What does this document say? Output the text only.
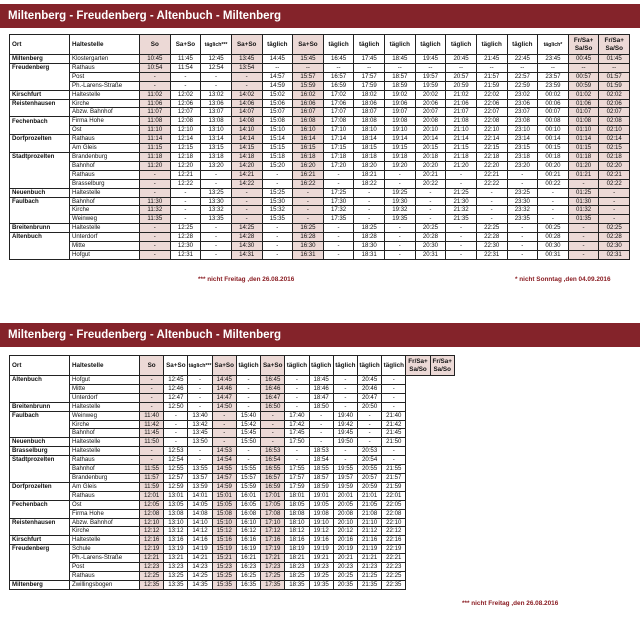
Miltenberg - Freudenberg - Altenbuch - Miltenberg
Ort	Haltestelle	So	Sa+So	täglich***	Sa+So	täglich	Sa+So	täglich	täglich	täglich	täglich	täglich	täglich	täglich	täglich*	Fr/Sa+ Sa/So	Fr/Sa+ Sa/So	
Miltenberg	Klostergarten	10:45	11:45	12:45	13:45	14:45	15:45	16:45	17:45	18:45	19:45	20:45	21:45	22:45	23:45	00:45	01:45	
Freudenberg	Rathaus	10:54	11:54	12:54	13:54	--	--	--	--	--	--	--	--	--	--	--	--	
	Post	-	-	-	-	14:57	15:57	16:57	17:57	18:57	19:57	20:57	21:57	22:57	23:57	00:57	01:57	
	Ph.-Larens-Straße	-	-	-	-	14:59	15:59	16:59	17:59	18:59	19:59	20:59	21:59	22:59	23:59	00:59	01:59	
Kirschfurt	Haltestelle	11:02	12:02	13:02	14:02	15:02	16:02	17:02	18:02	19:02	20:02	21:02	22:02	23:02	00:02	01:02	02:02	
Reistenhausen	Kirche	11:06	12:06	13:06	14:06	15:06	16:06	17:06	18:06	19:06	20:06	21:06	22:06	23:06	00:06	01:06	02:06	
	Abzw. Bahnhof	11:07	12:07	13:07	14:07	15:07	16:07	17:07	18:07	19:07	20:07	21:07	22:07	23:07	00:07	01:07	02:07	
Fechenbach	Firma Hohe	11:08	12:08	13:08	14:08	15:08	16:08	17:08	18:08	19:08	20:08	21:08	22:08	23:08	00:08	01:08	02:08	
	Ost	11:10	12:10	13:10	14:10	15:10	16:10	17:10	18:10	19:10	20:10	21:10	22:10	23:10	00:10	01:10	02:10	
Dorfprozelten	Rathaus	11:14	12:14	13:14	14:14	15:14	16:14	17:14	18:14	19:14	20:14	21:14	22:14	23:14	00:14	01:14	02:14	
	Am Gleis	11:15	12:15	13:15	14:15	15:15	16:15	17:15	18:15	19:15	20:15	21:15	22:15	23:15	00:15	01:15	02:15	
Stadtprozelten	Brandenburg	11:18	12:18	13:18	14:18	15:18	16:18	17:18	18:18	19:18	20:18	21:18	22:18	23:18	00:18	01:18	02:18	
	Bahnhof	11:20	12:20	13:20	14:20	15:20	16:20	17:20	18:20	19:20	20:20	21:20	22:20	23:20	00:20	01:20	02:20	
	Rathaus	-	12:21	-	14:21	-	16:21	-	18:21	-	20:21	-	22:21	-	00:21	01:21	02:21	
	Brasselburg	-	12:22	-	14:22	-	16:22	-	18:22	-	20:22	-	22:22	-	00:22	-	02:22	
Neuenbuch	Haltestelle	-	-	13:25	-	15:25	-	17:25	-	19:25	-	21:25	-	23:25	-	01:25	-	
Faulbach	Bahnhof	11:30	-	13:30	-	15:30	-	17:30	-	19:30	-	21:30	-	23:30	-	01:30	-	
	Kirche	11:32	-	13:32	-	15:32	-	17:32	-	19:32	-	21:32	-	23:32	-	01:32	-	
	Weinweg	11:35	-	13:35	-	15:35	-	17:35	-	19:35	-	21:35	-	23:35	-	01:35	-	
Breitenbrunn	Haltestelle	-	12:25	-	14:25	-	16:25	-	18:25	-	20:25	-	22:25	-	00:25	-	02:25	
Altenbuch	Unterdorf	-	12:28	-	14:28	-	16:28	-	18:28	-	20:28	-	22:28	-	00:28	-	02:28	
	Mitte	-	12:30	-	14:30	-	16:30	-	18:30	-	20:30	-	22:30	-	00:30	-	02:30	
	Hofgut	-	12:31	-	14:31	-	16:31	-	18:31	-	20:31	-	22:31	-	00:31	-	02:31	
*** nicht Freitag ,den 26.08.2016	* nicht Sonntag ,den 04.09.2016
Miltenberg - Freudenberg - Altenbuch - Miltenberg
Ort	Haltestelle	So	Sa+So	täglich***	Sa+So	täglich	Sa+So	täglich	täglich	täglich	täglich	täglich	Fr/Sa+ Sa/So	Fr/Sa+ Sa/So
Altenbuch	Hofgut	-	12:45	-	14:45	-	16:45	-	18:45	-	20:45	-		
	Mitte	-	12:46	-	14:46	-	16:46	-	18:46	-	20:46	-		
	Unterdorf	-	12:47	-	14:47	-	16:47	-	18:47	-	20:47	-		
Breitenbrunn	Haltestelle	-	12:50	-	14:50	-	16:50	-	18:50	-	20:50	-		
Faulbach	Weinweg	11:40	-	13:40	-	15:40	-	17:40	-	19:40	-	21:40		
	Kirche	11:42	-	13:42	-	15:42	-	17:42	-	19:42	-	21:42		
	Bahnhof	11:45	-	13:45	-	15:45	-	17:45	-	19:45	-	21:45		
Neuenbuch	Haltestelle	11:50	-	13:50	-	15:50	-	17:50	-	19:50	-	21:50		
Brasselburg	Haltestelle	-	12:53	-	14:53	-	16:53	-	18:53	-	20:53	-		
Stadtprozelten	Rathaus	-	12:54	-	14:54	-	16:54	-	18:54	-	20:54	-		
	Bahnhof	11:55	12:55	13:55	14:55	15:55	16:55	17:55	18:55	19:55	20:55	21:55		
	Brandenburg	11:57	12:57	13:57	14:57	15:57	16:57	17:57	18:57	19:57	20:57	21:57		
Dorfprozelten	Am Gleis	11:59	12:59	13:59	14:59	15:59	16:59	17:59	18:59	19:59	20:59	21:59		
	Rathaus	12:01	13:01	14:01	15:01	16:01	17:01	18:01	19:01	20:01	21:01	22:01		
Fechenbach	Ost	12:05	13:05	14:05	15:05	16:05	17:05	18:05	19:05	20:05	21:05	22:05		
	Firma Hohe	12:08	13:08	14:08	15:08	16:08	17:08	18:08	19:08	20:08	21:08	22:08		
Reistenhausen	Abzw. Bahnhof	12:10	13:10	14:10	15:10	16:10	17:10	18:10	19:10	20:10	21:10	22:10		
	Kirche	12:12	13:12	14:12	15:12	16:12	17:12	18:12	19:12	20:12	21:12	22:12		
Kirschfurt	Haltestelle	12:16	13:16	14:16	15:16	16:16	17:16	18:16	19:16	20:16	21:16	22:16		
Freudenberg	Schule	12:19	13:19	14:19	15:19	16:19	17:19	18:19	19:19	20:19	21:19	22:19		
	Ph.-Larens-Straße	12:21	13:21	14:21	15:21	16:21	17:21	18:21	19:21	20:21	21:21	22:21		
	Post	12:23	13:23	14:23	15:23	16:23	17:23	18:23	19:23	20:23	21:23	22:23		
	Rathaus	12:25	13:25	14:25	15:25	16:25	17:25	18:25	19:25	20:25	21:25	22:25		
Miltenberg	Zwillingsbogen	12:35	13:35	14:35	15:35	16:35	17:35	18:35	19:35	20:35	21:35	22:35		
*** nicht Freitag ,den 26.08.2016
